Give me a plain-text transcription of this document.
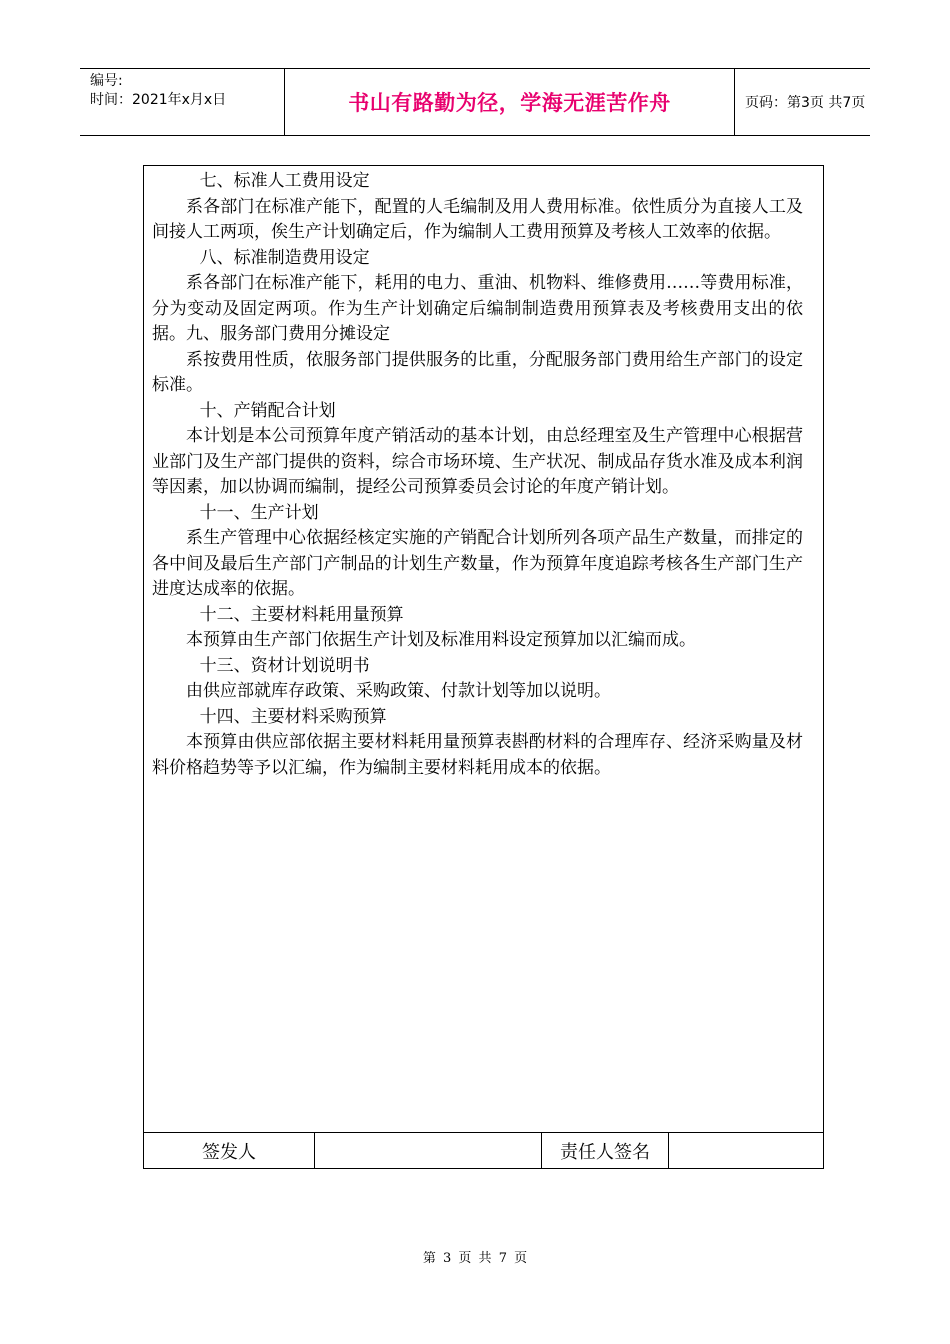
编号:
时间：2021年x月x日	书山有路勤为径，学海无涯苦作舟	页码：第3页 共7页

七、标准人工费用设定

系各部门在标准产能下，配置的人毛编制及用人费用标准。依性质分为直接人工及间接人工两项，俟生产计划确定后，作为编制人工费用预算及考核人工效率的依据。

八、标准制造费用设定

系各部门在标准产能下，耗用的电力、重油、机物料、维修费用……等费用标准，分为变动及固定两项。作为生产计划确定后编制制造费用预算表及考核费用支出的依据。九、服务部门费用分摊设定

系按费用性质，依服务部门提供服务的比重，分配服务部门费用给生产部门的设定标准。

十、产销配合计划

本计划是本公司预算年度产销活动的基本计划，由总经理室及生产管理中心根据营业部门及生产部门提供的资料，综合市场环境、生产状况、制成品存货水准及成本利润等因素，加以协调而编制，提经公司预算委员会讨论的年度产销计划。

十一、生产计划

系生产管理中心依据经核定实施的产销配合计划所列各项产品生产数量，而排定的各中间及最后生产部门产制品的计划生产数量，作为预算年度追踪考核各生产部门生产进度达成率的依据。

十二、主要材料耗用量预算

本预算由生产部门依据生产计划及标准用料设定预算加以汇编而成。

十三、资材计划说明书

由供应部就库存政策、采购政策、付款计划等加以说明。

十四、主要材料采购预算

本预算由供应部依据主要材料耗用量预算表斟酌材料的合理库存、经济采购量及材料价格趋势等予以汇编，作为编制主要材料耗用成本的依据。

签发人	责任人签名
第 3 页 共 7 页
